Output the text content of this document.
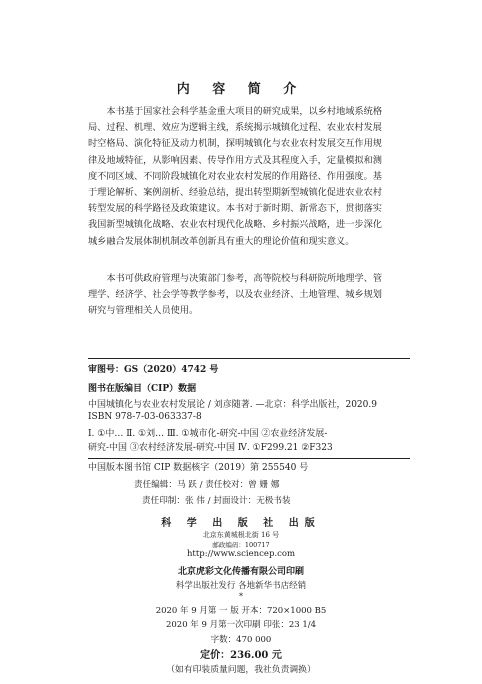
内 容 简 介
本书基于国家社会科学基金重大项目的研究成果，以乡村地域系统格
局、过程、机理、效应为逻辑主线，系统揭示城镇化过程、农业农村发展
时空格局、演化特征及动力机制，探明城镇化与农业农村发展交互作用规
律及地域特征，从影响因素、传导作用方式及其程度入手，定量模拟和测
度不同区域、不同阶段城镇化对农业农村发展的作用路径、作用强度。基
于理论解析、案例剖析、经验总结，提出转型期新型城镇化促进农业农村
转型发展的科学路径及政策建议。本书对于新时期、新常态下，贯彻落实
我国新型城镇化战略、农业农村现代化战略、乡村振兴战略，进一步深化
城乡融合发展体制机制改革创新具有重大的理论价值和现实意义。
本书可供政府管理与决策部门参考，高等院校与科研院所地理学、管
理学、经济学、社会学等教学参考，以及农业经济、土地管理、城乡规划
研究与管理相关人员使用。
审图号：GS（2020）4742 号
图书在版编目（CIP）数据
中国城镇化与农业农村发展论 / 刘彦随著. —北京：科学出版社，2020.9
ISBN 978-7-03-063337-8
Ⅰ. ①中… Ⅱ. ①刘… Ⅲ. ①城市化-研究-中国 ②农业经济发展-
研究-中国 ③农村经济发展-研究-中国 Ⅳ. ①F299.21 ②F323
中国版本图书馆 CIP 数据核字（2019）第 255540 号
责任编辑：马 跃 / 责任校对：曾 姗 娜
责任印制：张 伟 / 封面设计：无极书装
科 学 出 版 社 出版
北京东黄城根北街 16 号
邮政编码：100717
http://www.sciencep.com
北京虎彩文化传播有限公司印刷
科学出版社发行 各地新华书店经销
*
2020 年 9 月第 一 版 开本：720×1000 B5
2020 年 9 月第一次印刷 印张：23 1/4
字数：470 000
定价：236.00 元
（如有印装质量问题，我社负责调换）
